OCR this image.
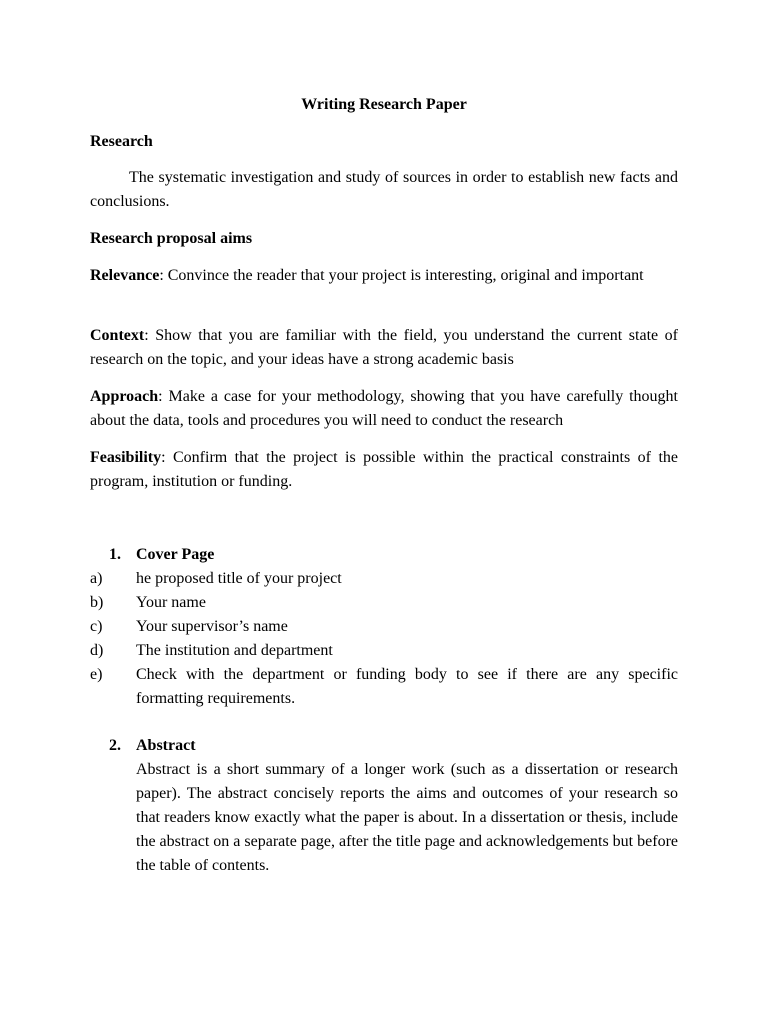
Writing Research Paper

Research

The systematic investigation and study of sources in order to establish new facts and conclusions.

Research proposal aims

Relevance: Convince the reader that your project is interesting, original and important

Context: Show that you are familiar with the field, you understand the current state of research on the topic, and your ideas have a strong academic basis

Approach: Make a case for your methodology, showing that you have carefully thought about the data, tools and procedures you will need to conduct the research

Feasibility: Confirm that the project is possible within the practical constraints of the program, institution or funding.

1. Cover Page
a)	he proposed title of your project
b)	Your name
c)	Your supervisor’s name
d)	The institution and department
e)	Check with the department or funding body to see if there are any specific formatting requirements.
2. Abstract

Abstract is a short summary of a longer work (such as a dissertation or research paper). The abstract concisely reports the aims and outcomes of your research so that readers know exactly what the paper is about. In a dissertation or thesis, include the abstract on a separate page, after the title page and acknowledgements but before the table of contents.
